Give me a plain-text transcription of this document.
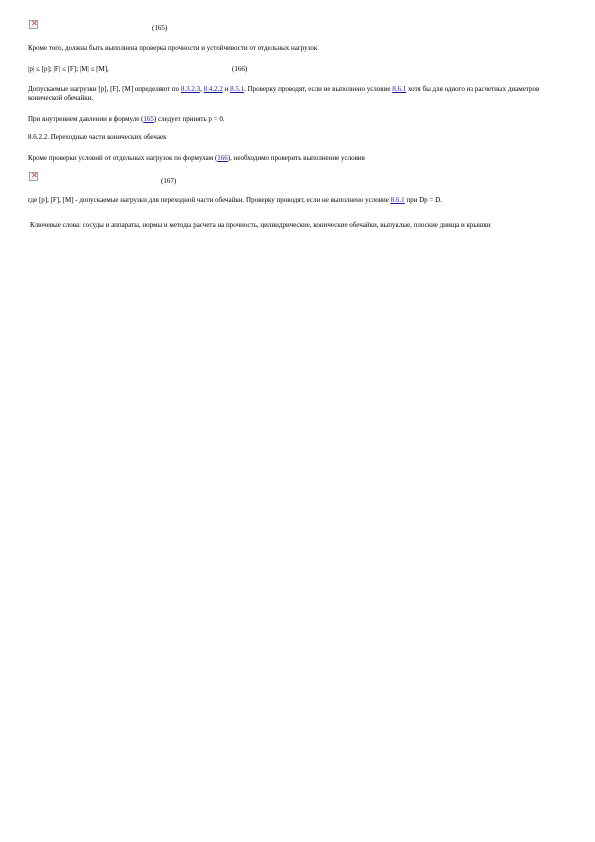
✕	(165)
Кроме того, должна быть выполнена проверка прочности и устойчивости от отдельных нагрузок
|p| ≤ [p]; |F| ≤ [F]; |M| ≤ [M],	(166)
Допускаемые нагрузки [p], [F], [M] определяют по 8.3.2.3, 8.4.2.2 и 8.5.1. Проверку проводят, если не выполнено условие 8.6.1 хотя бы для одного из расчетных диаметров конической обечайки.
При внутреннем давлении в формуле (165) следует принять p = 0.
8.6.2.2. Переходные части конических обечаек
Кроме проверки условий от отдельных нагрузок по формулам (166), необходимо проверить выполнение условия
✕
(167)
где [p], [F], [M] - допускаемые нагрузки для переходной части обечайки. Проверку проводят, если не выполнено условие 8.6.1 при Dр = D.
Ключевые слова: сосуды и аппараты, нормы и методы расчета на прочность, цилиндрические, конические обечайки, выпуклые, плоские днища и крышки
